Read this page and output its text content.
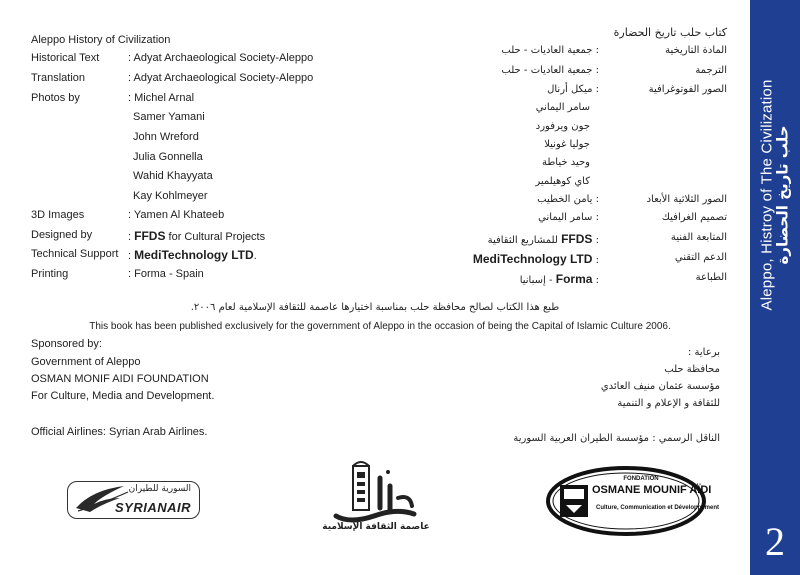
Aleppo, Histroy of The Civilization
حلب تاريخ الحضارة
2
Aleppo History of Civilization
Historical Text	: Adyat Archaeological Society-Aleppo
Translation	: Adyat Archaeological Society-Aleppo
Photos by	: Michel Arnal
Samer Yamani
John Wreford
Julia Gonnella
Wahid Khayyata
Kay Kohlmeyer
3D Images	: Yamen Al Khateeb
Designed by	: FFDS for Cultural Projects
Technical Support : MediTechnology LTD.
Printing	: Forma - Spain
كتاب حلب تاريخ الحضارة
المادة التاريخية
: جمعية العاديات - حلب
الترجمة
: جمعية العاديات - حلب
الصور الفوتوغرافية
: ميكل أرنال
سامر اليماني
جون ويرفورد
جوليا غونيلا
وحيد خياطة
كاي كوهيلمير
الصور الثلاثية الأبعاد
: يامن الخطيب
تصميم الغرافيك
: سامر اليماني
المتابعة الفنية
: FFDS للمشاريع الثقافية
الدعم التقني
: MediTechnology LTD
الطباعة
: Forma - إسبانيا
طبع هذا الكتاب لصالح محافظة حلب بمناسبة اختيارها عاصمة للثقافة الإسلامية لعام ٢٠٠٦.
This book has been published exclusively for the government of Aleppo in the occasion of being the Capital of Islamic Culture 2006.
Sponsored by:
Government of Aleppo
OSMAN MONIF AIDI FOUNDATION
For Culture, Media and Development.
Official Airlines: Syrian Arab Airlines.
برعاية :
محافظة حلب
مؤسسة عثمان منيف العائدي
للثقافة و الإعلام و التنمية
الناقل الرسمي : مؤسسة الطيران العربية السورية
السورية للطيران
SYRIANAIR
عاصمة الثقافة الإسلامية
FONDATION
OSMANE MOUNIF AÏDI
Culture, Communication et Développement
